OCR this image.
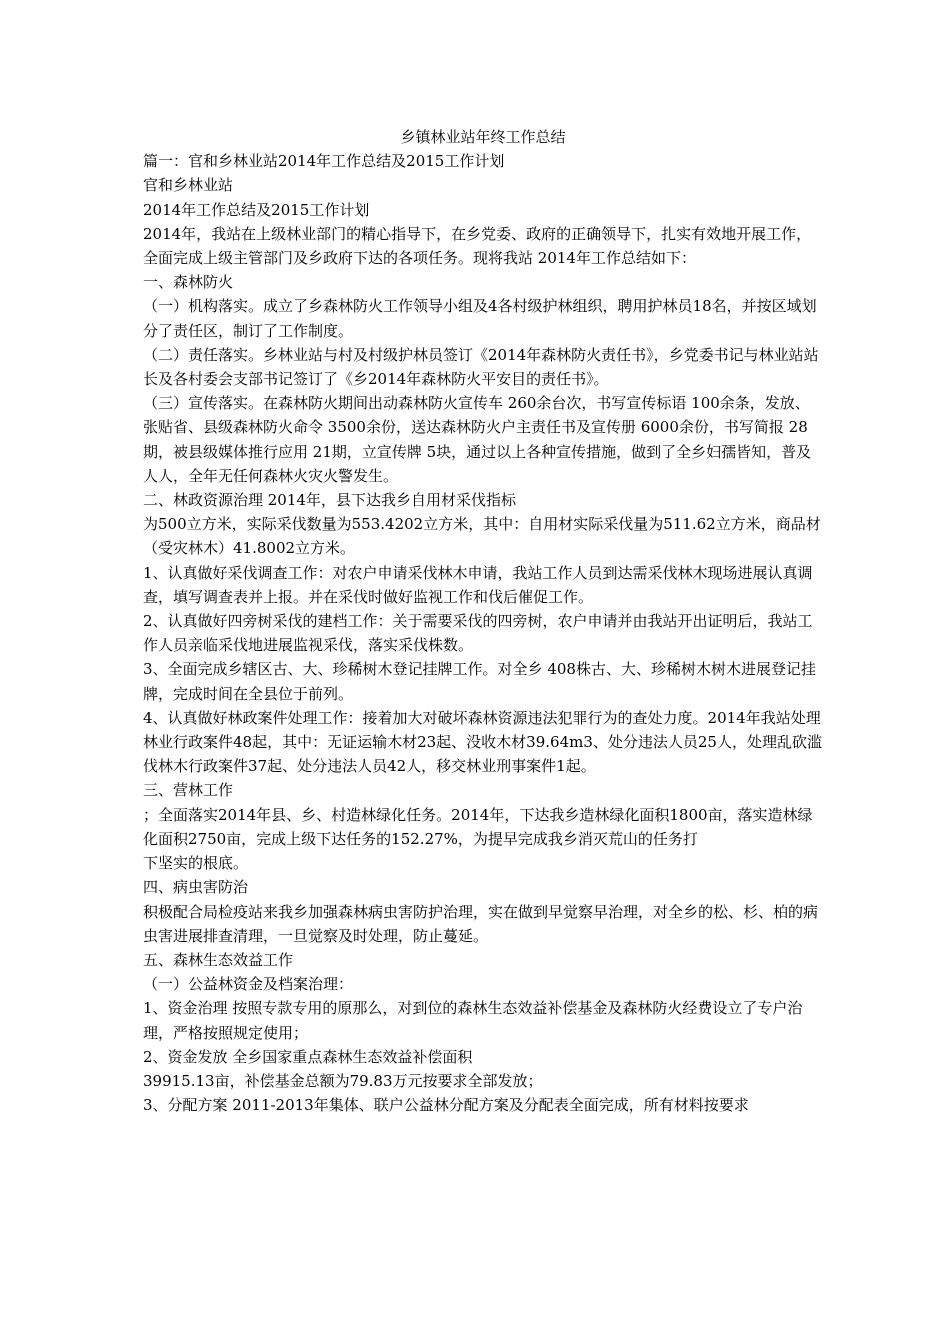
乡镇林业站年终工作总结

篇一：官和乡林业站2014年工作总结及2015工作计划

官和乡林业站

2014年工作总结及2015工作计划

2014年，我站在上级林业部门的精心指导下，在乡党委、政府的正确领导下，扎实有效地开展工作，全面完成上级主管部门及乡政府下达的各项任务。现将我站 2014年工作总结如下：

一、森林防火

（一）机构落实。成立了乡森林防火工作领导小组及4各村级护林组织，聘用护林员18名，并按区域划分了责任区，制订了工作制度。

（二）责任落实。乡林业站与村及村级护林员签订《2014年森林防火责任书》，乡党委书记与林业站站长及各村委会支部书记签订了《乡2014年森林防火平安目的责任书》。

（三）宣传落实。在森林防火期间出动森林防火宣传车 260余台次，书写宣传标语 100余条，发放、张贴省、县级森林防火命令 3500余份，送达森林防火户主责任书及宣传册 6000余份，书写简报 28期，被县级媒体推行应用 21期，立宣传牌 5块，通过以上各种宣传措施，做到了全乡妇孺皆知，普及人人，全年无任何森林火灾火警发生。

二、林政资源治理 2014年，县下达我乡自用材采伐指标

为500立方米，实际采伐数量为553.4202立方米，其中：自用材实际采伐量为511.62立方米，商品材（受灾林木）41.8002立方米。

1、认真做好采伐调查工作：对农户申请采伐林木申请，我站工作人员到达需采伐林木现场进展认真调查，填写调查表并上报。并在采伐时做好监视工作和伐后催促工作。

2、认真做好四旁树采伐的建档工作：关于需要采伐的四旁树，农户申请并由我站开出证明后，我站工作人员亲临采伐地进展监视采伐，落实采伐株数。

3、全面完成乡辖区古、大、珍稀树木登记挂牌工作。对全乡 408株古、大、珍稀树木树木进展登记挂牌，完成时间在全县位于前列。

4、认真做好林政案件处理工作：接着加大对破坏森林资源违法犯罪行为的查处力度。2014年我站处理林业行政案件48起，其中：无证运输木材23起、没收木材39.64m3、处分违法人员25人，处理乱砍滥伐林木行政案件37起、处分违法人员42人，移交林业刑事案件1起。

三、营林工作

；全面落实2014年县、乡、村造林绿化任务。2014年，下达我乡造林绿化面积1800亩，落实造林绿化面积2750亩，完成上级下达任务的152.27%，为提早完成我乡消灭荒山的任务打

下坚实的根底。

四、病虫害防治

积极配合局检疫站来我乡加强森林病虫害防护治理，实在做到早觉察早治理，对全乡的松、杉、柏的病虫害进展排查清理，一旦觉察及时处理，防止蔓延。

五、森林生态效益工作

（一）公益林资金及档案治理：

1、资金治理 按照专款专用的原那么，对到位的森林生态效益补偿基金及森林防火经费设立了专户治理，严格按照规定使用；

2、资金发放 全乡国家重点森林生态效益补偿面积

39915.13亩，补偿基金总额为79.83万元按要求全部发放；

3、分配方案 2011-2013年集体、联户公益林分配方案及分配表全面完成，所有材料按要求
